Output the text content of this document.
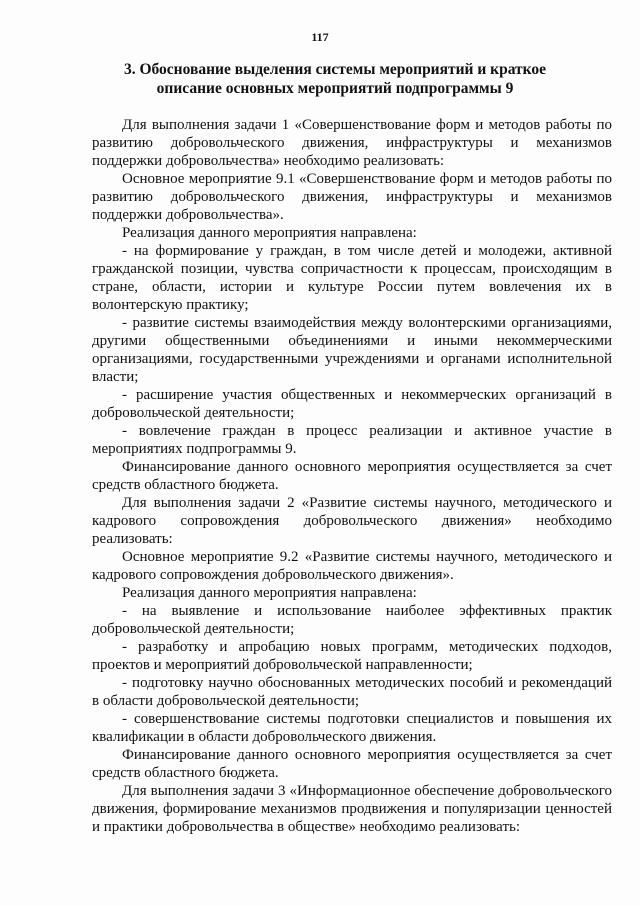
117
3. Обоснование выделения системы мероприятий и краткое описание основных мероприятий подпрограммы 9

Для выполнения задачи 1 «Совершенствование форм и методов работы по развитию добровольческого движения, инфраструктуры и механизмов поддержки добровольчества» необходимо реализовать:

Основное мероприятие 9.1 «Совершенствование форм и методов работы по развитию добровольческого движения, инфраструктуры и механизмов поддержки добровольчества».

Реализация данного мероприятия направлена:

- на формирование у граждан, в том числе детей и молодежи, активной гражданской позиции, чувства сопричастности к процессам, происходящим в стране, области, истории и культуре России путем вовлечения их в волонтерскую практику;

- развитие системы взаимодействия между волонтерскими организациями, другими общественными объединениями и иными некоммерческими организациями, государственными учреждениями и органами исполнительной власти;

- расширение участия общественных и некоммерческих организаций в добровольческой деятельности;

- вовлечение граждан в процесс реализации и активное участие в мероприятиях подпрограммы 9.

Финансирование данного основного мероприятия осуществляется за счет средств областного бюджета.

Для выполнения задачи 2 «Развитие системы научного, методического и кадрового сопровождения добровольческого движения» необходимо реализовать:

Основное мероприятие 9.2 «Развитие системы научного, методического и кадрового сопровождения добровольческого движения».

Реализация данного мероприятия направлена:

- на выявление и использование наиболее эффективных практик добровольческой деятельности;

- разработку и апробацию новых программ, методических подходов, проектов и мероприятий добровольческой направленности;

- подготовку научно обоснованных методических пособий и рекомендаций в области добровольческой деятельности;

- совершенствование системы подготовки специалистов и повышения их квалификации в области добровольческого движения.

Финансирование данного основного мероприятия осуществляется за счет средств областного бюджета.

Для выполнения задачи 3 «Информационное обеспечение добровольческого движения, формирование механизмов продвижения и популяризации ценностей и практики добровольчества в обществе» необходимо реализовать:
